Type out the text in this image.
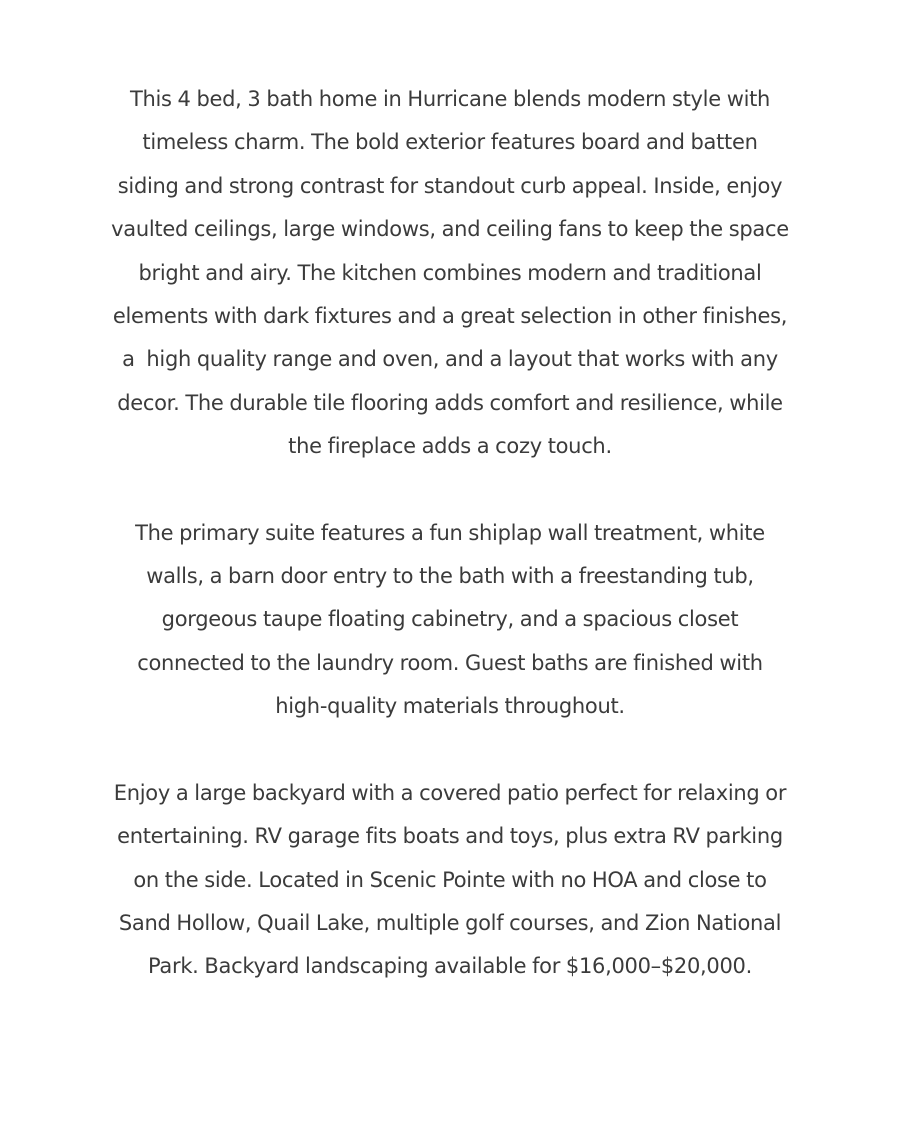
This 4 bed, 3 bath home in Hurricane blends modern style with
timeless charm. The bold exterior features board and batten
siding and strong contrast for standout curb appeal. Inside, enjoy
vaulted ceilings, large windows, and ceiling fans to keep the space
bright and airy. The kitchen combines modern and traditional
elements with dark fixtures and a great selection in other finishes,
a  high quality range and oven, and a layout that works with any
decor. The durable tile flooring adds comfort and resilience, while
the fireplace adds a cozy touch.

The primary suite features a fun shiplap wall treatment, white
walls, a barn door entry to the bath with a freestanding tub,
gorgeous taupe floating cabinetry, and a spacious closet
connected to the laundry room. Guest baths are finished with
high-quality materials throughout.

Enjoy a large backyard with a covered patio perfect for relaxing or
entertaining. RV garage fits boats and toys, plus extra RV parking
on the side. Located in Scenic Pointe with no HOA and close to
Sand Hollow, Quail Lake, multiple golf courses, and Zion National
Park. Backyard landscaping available for $16,000–$20,000.
